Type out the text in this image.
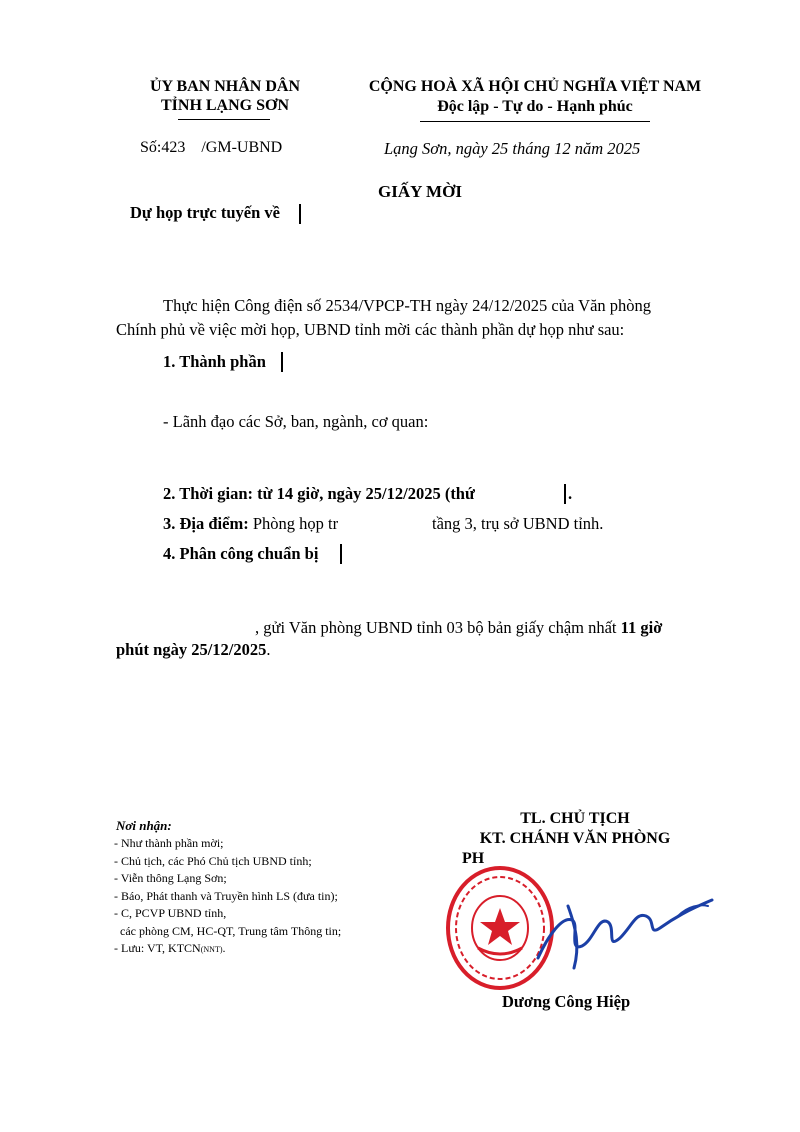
ỦY BAN NHÂN DÂN
TỈNH LẠNG SƠN
CỘNG HOÀ XÃ HỘI CHỦ NGHĨA VIỆT NAM
Độc lập - Tự do - Hạnh phúc
Số:423 /GM-UBND	Lạng Sơn, ngày 25 tháng 12 năm 2025
GIẤY MỜI
Dự họp trực tuyến về
Thực hiện Công điện số 2534/VPCP-TH ngày 24/12/2025 của Văn phòng
Chính phủ về việc mời họp, UBND tỉnh mời các thành phần dự họp như sau:
1. Thành phần
- Lãnh đạo các Sở, ban, ngành, cơ quan:
2. Thời gian: từ 14 giờ, ngày 25/12/2025 (thứ	.
3. Địa điểm: Phòng họp tr	tầng 3, trụ sở UBND tỉnh.
4. Phân công chuẩn bị
, gửi Văn phòng UBND tỉnh 03 bộ bản giấy chậm nhất 11 giờ
phút ngày 25/12/2025.
Nơi nhận:
- Như thành phần mời;
- Chủ tịch, các Phó Chủ tịch UBND tỉnh;
- Viễn thông Lạng Sơn;
- Báo, Phát thanh và Truyền hình LS (đưa tin);
- C, PCVP UBND tỉnh,
các phòng CM, HC-QT, Trung tâm Thông tin;
- Lưu: VT, KTCN(NNT).
TL. CHỦ TỊCH
KT. CHÁNH VĂN PHÒNG
PH
Dương Công Hiệp
